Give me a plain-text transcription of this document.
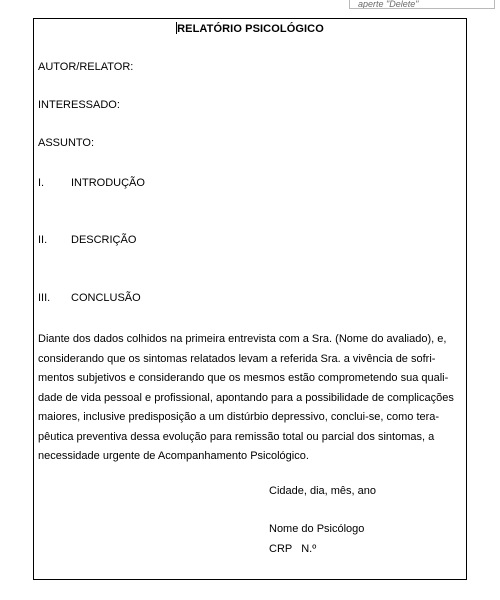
aperte "Delete"
RELATÓRIO PSICOLÓGICO
AUTOR/RELATOR:
INTERESSADO:
ASSUNTO:
I. INTRODUÇÃO
II. DESCRIÇÃO
III. CONCLUSÃO
Diante dos dados colhidos na primeira entrevista com a Sra. (Nome do avaliado), e,
considerando que os sintomas relatados levam a referida Sra. a vivência de sofri-
mentos subjetivos e considerando que os mesmos estão comprometendo sua quali-
dade de vida pessoal e profissional, apontando para a possibilidade de complicações
maiores, inclusive predisposição a um distúrbio depressivo, conclui-se, como tera-
pêutica preventiva dessa evolução para remissão total ou parcial dos sintomas, a
necessidade urgente de Acompanhamento Psicológico.
Cidade, dia, mês, ano
Nome do Psicólogo
CRP   N.º
